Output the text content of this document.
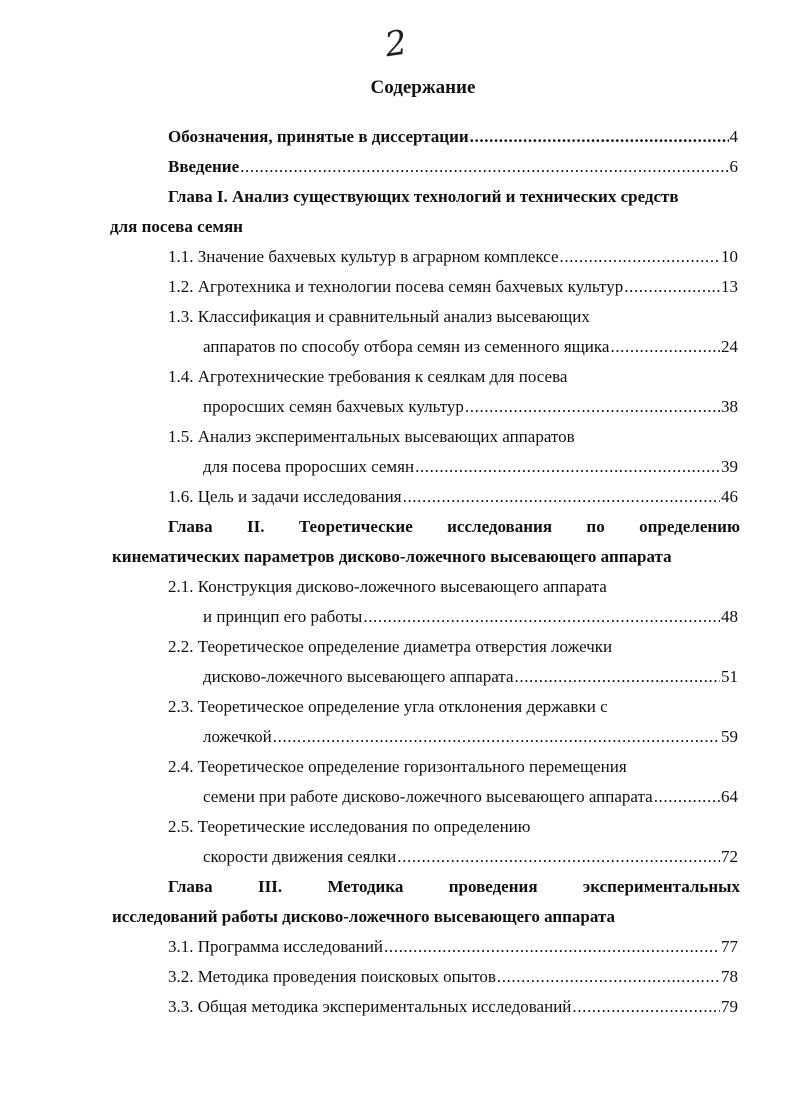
2
Содержание
Обозначения, принятые в диссертации .....	4
Введение .....	6
Глава I. Анализ существующих технологий и технических средств
для посева семян
1.1. Значение бахчевых культур в аграрном комплексе .....	10
1.2. Агротехника и технологии посева семян бахчевых культур .....	13
1.3. Классификация и сравнительный анализ высевающих
аппаратов по способу отбора семян из семенного ящика .....	24
1.4. Агротехнические требования к сеялкам для посева
проросших семян бахчевых культур .....	38
1.5. Анализ экспериментальных высевающих аппаратов
для посева проросших семян .....	39
1.6. Цель и задачи исследования .....	46
Глава II. Теоретические исследования по определению
кинематических параметров дисково-ложечного высевающего аппарата
2.1. Конструкция дисково-ложечного высевающего аппарата
и принцип его работы .....	48
2.2. Теоретическое определение диаметра отверстия ложечки
дисково-ложечного высевающего аппарата .....	51
2.3. Теоретическое определение угла отклонения державки с
ложечкой .....	59
2.4. Теоретическое определение горизонтального перемещения
семени при работе дисково-ложечного высевающего аппарата .....	64
2.5. Теоретические исследования по определению
скорости движения сеялки .....	72
Глава	III.	Методика	проведения	экспериментальных
исследований работы дисково-ложечного высевающего аппарата
3.1. Программа исследований .....	77
3.2. Методика проведения поисковых опытов .....	78
3.3. Общая методика экспериментальных исследований .....	79
